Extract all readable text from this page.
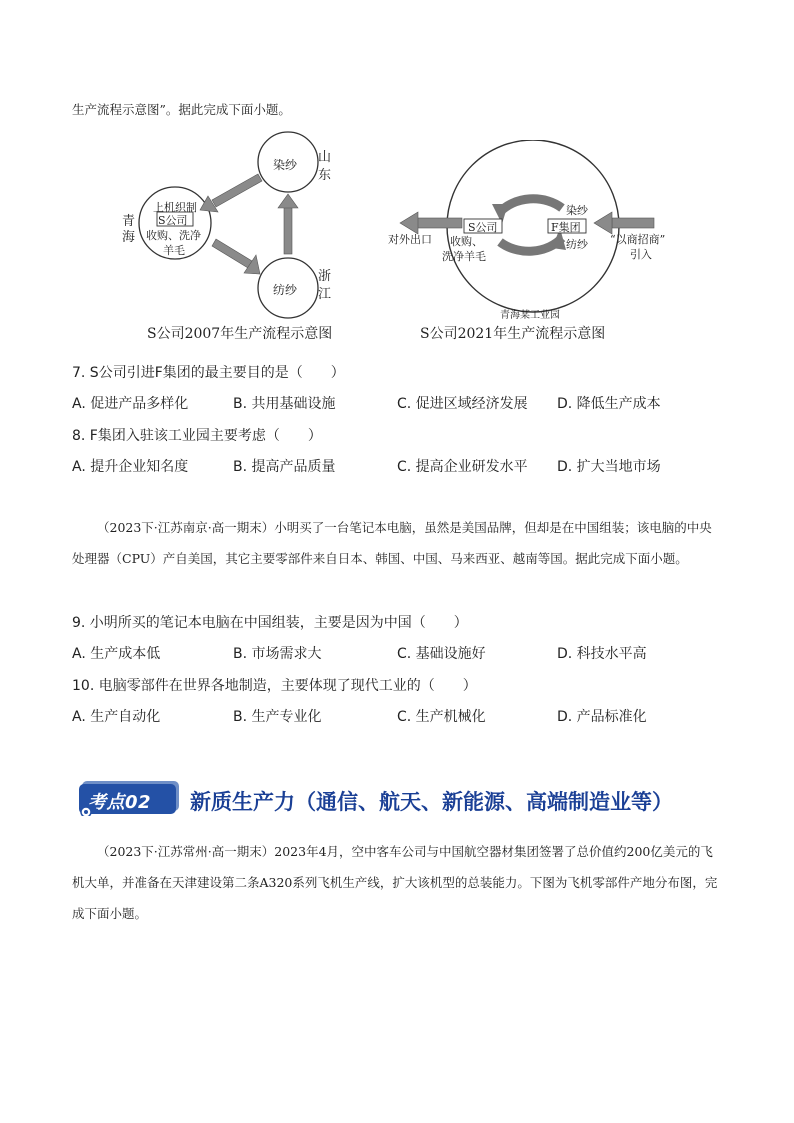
生产流程示意图”。据此完成下面小题。
染纱
纺纱
上机织制
S公司
收购、洗净
羊毛
青
海
山
东
浙
江
S公司2007年生产流程示意图
S公司	F集团
染纱
纺纱
对外出口 收购、
洗净羊毛
“以商招商”
引入
青海某工业园
S公司2021年生产流程示意图
7. S公司引进F集团的最主要目的是（　　）
A. 促进产品多样化	B. 共用基础设施	C. 促进区域经济发展 D. 降低生产成本
8. F集团入驻该工业园主要考虑（　　）
A. 提升企业知名度	B. 提高产品质量	C. 提高企业研发水平 D. 扩大当地市场
（2023下·江苏南京·高一期末）小明买了一台笔记本电脑，虽然是美国品牌，但却是在中国组装；该电脑的中央处理器（CPU）产自美国，其它主要零部件来自日本、韩国、中国、马来西亚、越南等国。据此完成下面小题。
9. 小明所买的笔记本电脑在中国组装，主要是因为中国（　　）
A. 生产成本低	B. 市场需求大	C. 基础设施好	D. 科技水平高
10. 电脑零部件在世界各地制造，主要体现了现代工业的（　　）
A. 生产自动化	B. 生产专业化	C. 生产机械化	D. 产品标准化
考点02 新质生产力（通信、航天、新能源、高端制造业等）
（2023下·江苏常州·高一期末）2023年4月，空中客车公司与中国航空器材集团签署了总价值约200亿美元的飞机大单，并准备在天津建设第二条A320系列飞机生产线，扩大该机型的总装能力。下图为飞机零部件产地分布图，完成下面小题。
